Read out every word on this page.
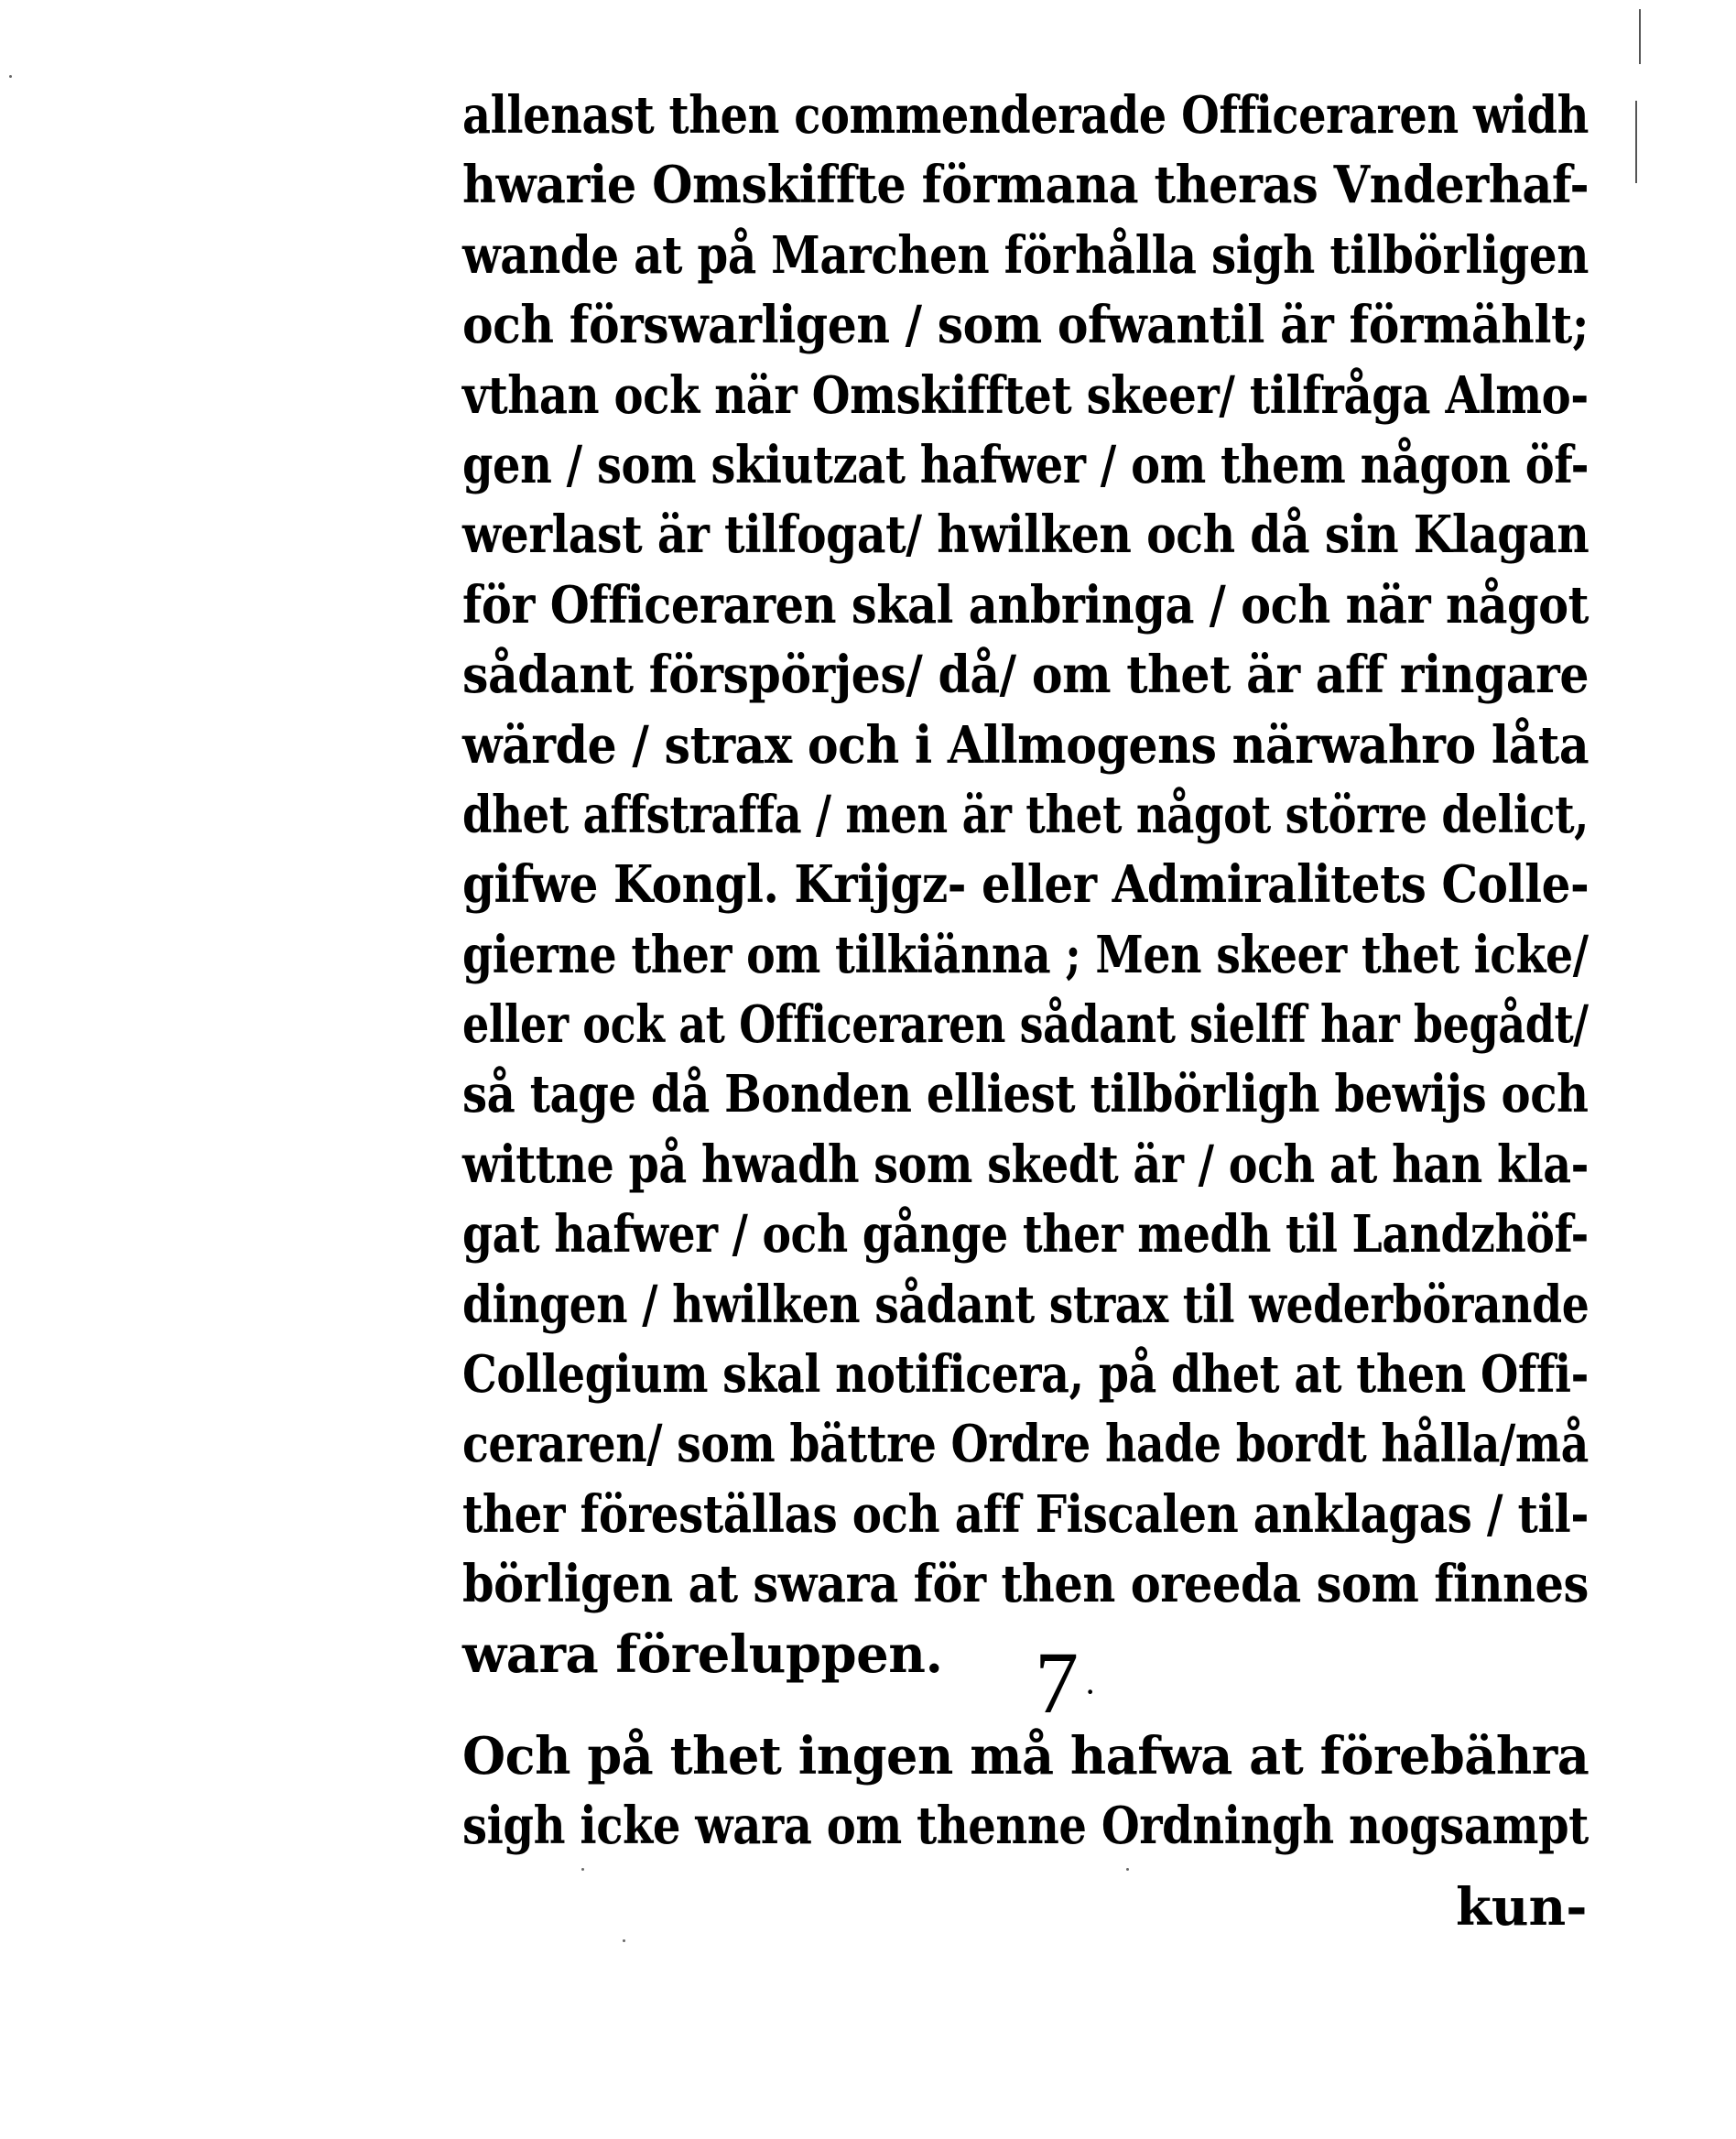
allenast then commenderade Officeraren widh
hwarie Omskiffte förmana theras Vnderhaf-
wande at på Marchen förhålla sigh tilbörligen
och förswarligen / som ofwantil är förmählt;
vthan ock när Omskifftet skeer/ tilfråga Almo-
gen / som skiutzat hafwer / om them någon öf-
werlast är tilfogat/ hwilken och då sin Klagan
för Officeraren skal anbringa / och när något
sådant förspörjes/ då/ om thet är aff ringare
wärde / strax och i Allmogens närwahro låta
dhet affstraffa / men är thet något större delict,
gifwe Kongl. Krijgz- eller Admiralitets Colle-
gierne ther om tilkiänna ; Men skeer thet icke/
eller ock at Officeraren sådant sielff har begådt/
så tage då Bonden elliest tilbörligh bewijs och
wittne på hwadh som skedt är / och at han kla-
gat hafwer / och gånge ther medh til Landzhöf-
dingen / hwilken sådant strax til wederbörande
Collegium skal notificera, på dhet at then Offi-
ceraren/ som bättre Ordre hade bordt hålla/må
ther föreställas och aff Fiscalen anklagas / til-
börligen at swara för then oreeda som finnes
wara föreluppen.	7 ·
Och på thet ingen må hafwa at förebähra
sigh icke wara om thenne Ordningh nogsampt
kun-
